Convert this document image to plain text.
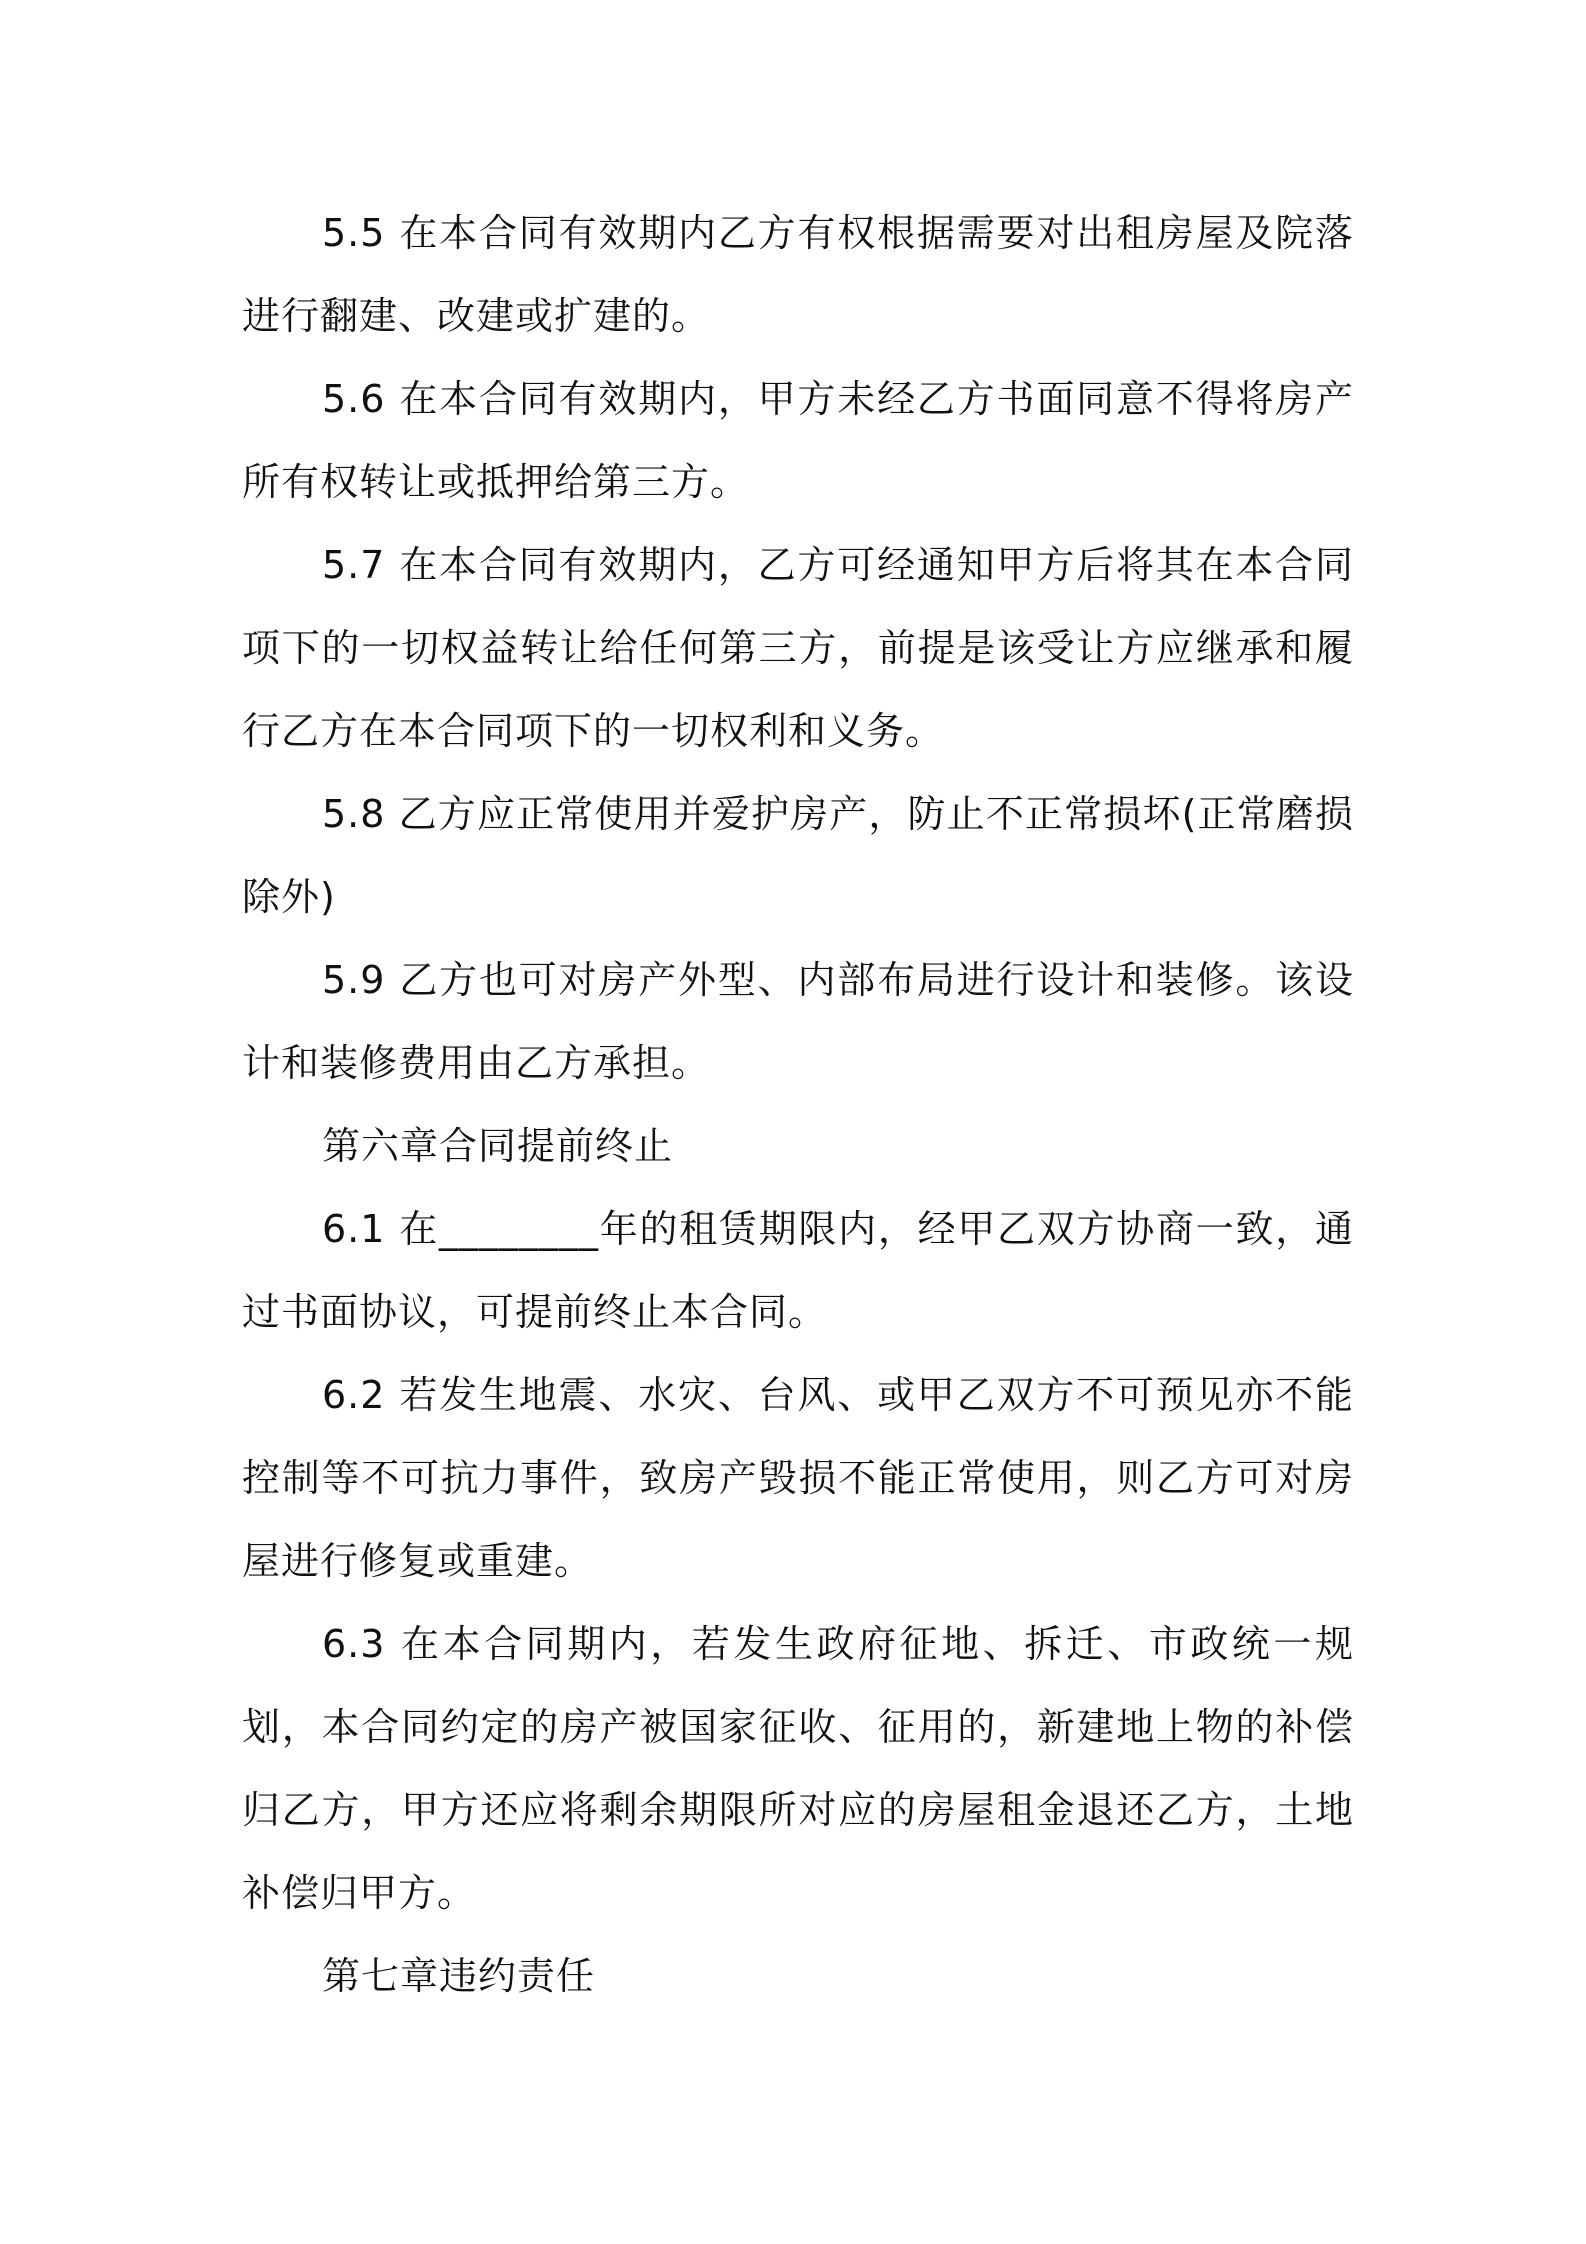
5.5 在本合同有效期内乙方有权根据需要对出租房屋及院落进行翻建、改建或扩建的。

5.6 在本合同有效期内，甲方未经乙方书面同意不得将房产所有权转让或抵押给第三方。

5.7 在本合同有效期内，乙方可经通知甲方后将其在本合同项下的一切权益转让给任何第三方，前提是该受让方应继承和履行乙方在本合同项下的一切权利和义务。

5.8 乙方应正常使用并爱护房产，防止不正常损坏(正常磨损除外)

5.9 乙方也可对房产外型、内部布局进行设计和装修。该设计和装修费用由乙方承担。

第六章合同提前终止

6.1 在________年的租赁期限内，经甲乙双方协商一致，通过书面协议，可提前终止本合同。

6.2 若发生地震、水灾、台风、或甲乙双方不可预见亦不能控制等不可抗力事件，致房产毁损不能正常使用，则乙方可对房屋进行修复或重建。

6.3 在本合同期内，若发生政府征地、拆迁、市政统一规划，本合同约定的房产被国家征收、征用的，新建地上物的补偿归乙方，甲方还应将剩余期限所对应的房屋租金退还乙方，土地补偿归甲方。

第七章违约责任
